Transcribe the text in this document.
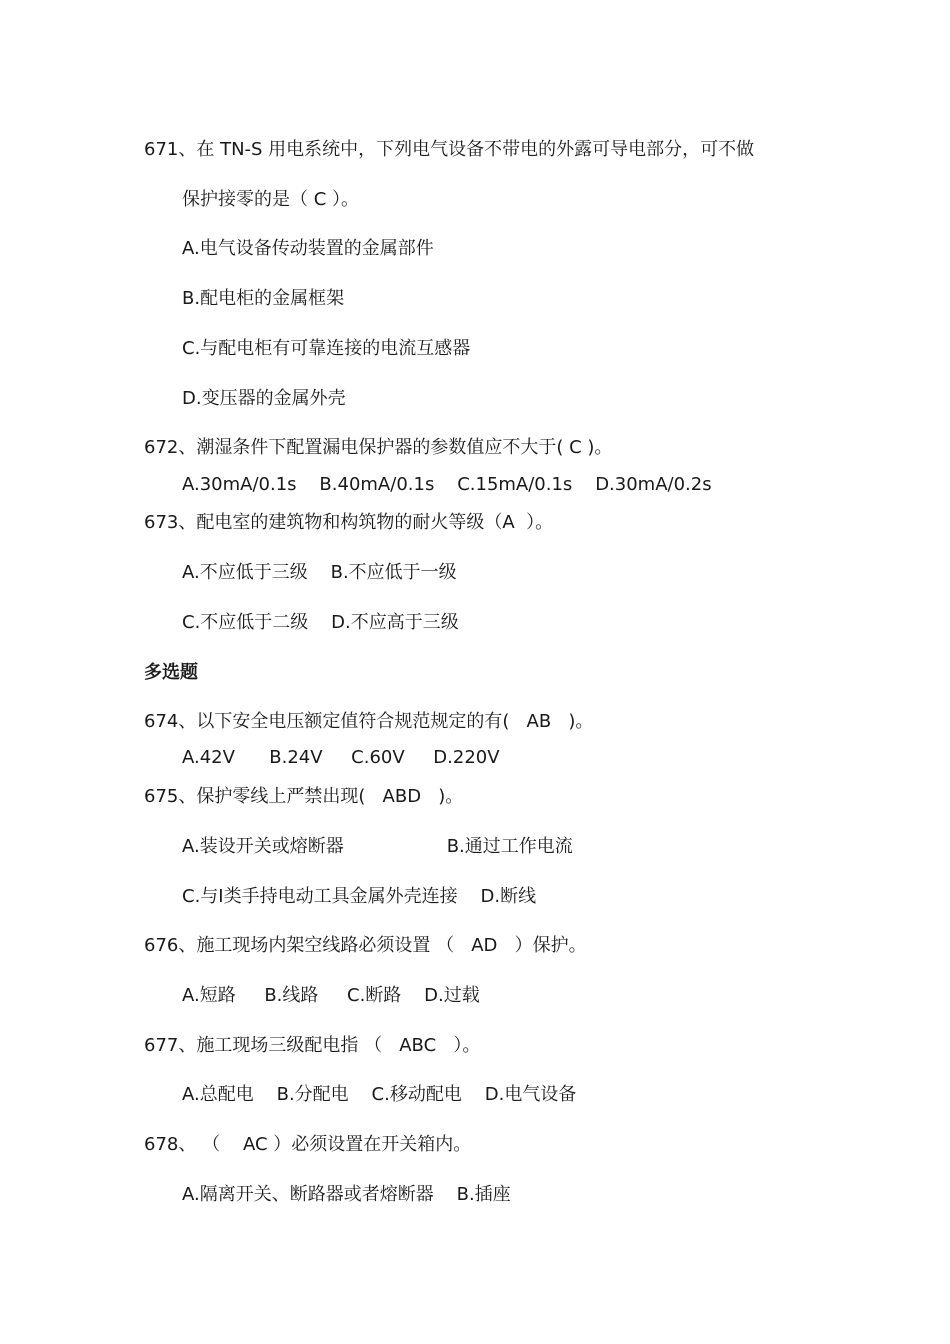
671、在 TN-S 用电系统中，下列电气设备不带电的外露可导电部分，可不做
保护接零的是（ C ）。
A.电气设备传动装置的金属部件
B.配电柜的金属框架
C.与配电柜有可靠连接的电流互感器
D.变压器的金属外壳
672、潮湿条件下配置漏电保护器的参数值应不大于( C )。
A.30mA/0.1s    B.40mA/0.1s    C.15mA/0.1s    D.30mA/0.2s
673、配电室的建筑物和构筑物的耐火等级（A  ）。
A.不应低于三级    B.不应低于一级
C.不应低于二级    D.不应高于三级
多选题
674、以下安全电压额定值符合规范规定的有(   AB   )。
A.42V      B.24V     C.60V     D.220V
675、保护零线上严禁出现(   ABD   )。
A.装设开关或熔断器                  B.通过工作电流
C.与Ⅰ类手持电动工具金属外壳连接    D.断线
676、施工现场内架空线路必须设置 （   AD   ）保护。
A.短路     B.线路     C.断路    D.过载
677、施工现场三级配电指 （   ABC   ）。
A.总配电    B.分配电    C.移动配电    D.电气设备
678、 （    AC ）必须设置在开关箱内。
A.隔离开关、断路器或者熔断器    B.插座
